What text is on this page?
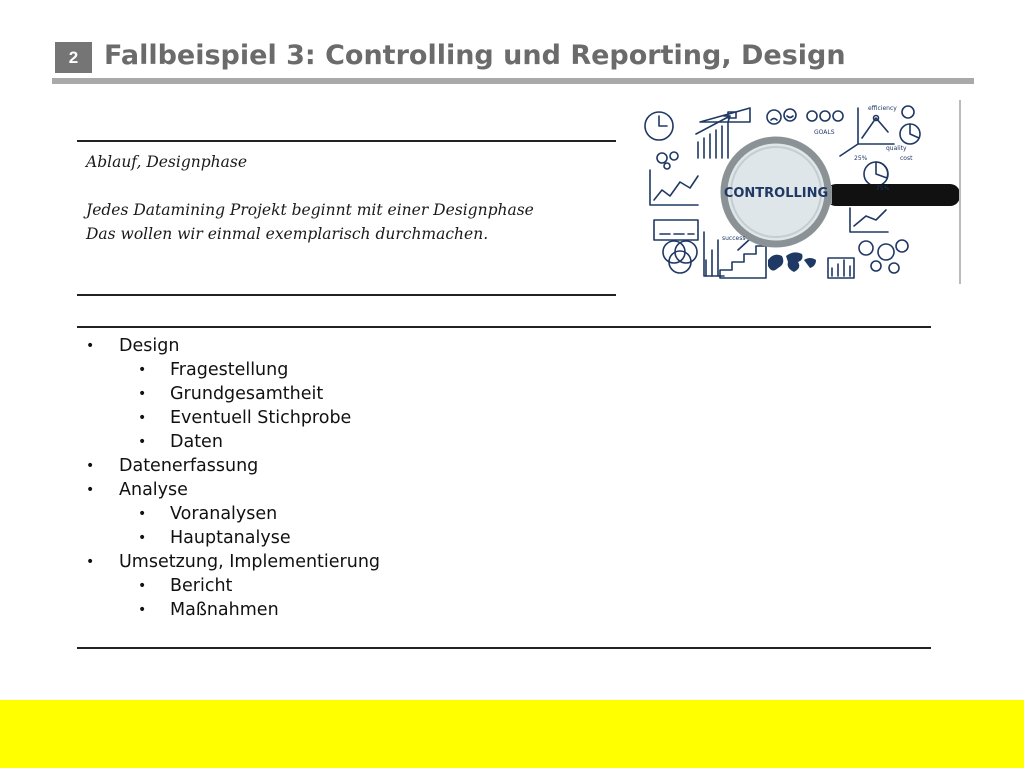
2 Fallbeispiel 3: Controlling und Reporting, Design

Ablauf, Designphase

Jedes Datamining Projekt beginnt mit einer Designphase

Das wollen wir einmal exemplarisch durchmachen.

CONTROLLING
GOALS
efficiency
quality
success
25%
75%
cost
• Design
• Fragestellung
• Grundgesamtheit
• Eventuell Stichprobe
• Daten
• Datenerfassung
• Analyse
• Voranalysen
• Hauptanalyse
• Umsetzung, Implementierung
• Bericht
• Maßnahmen
